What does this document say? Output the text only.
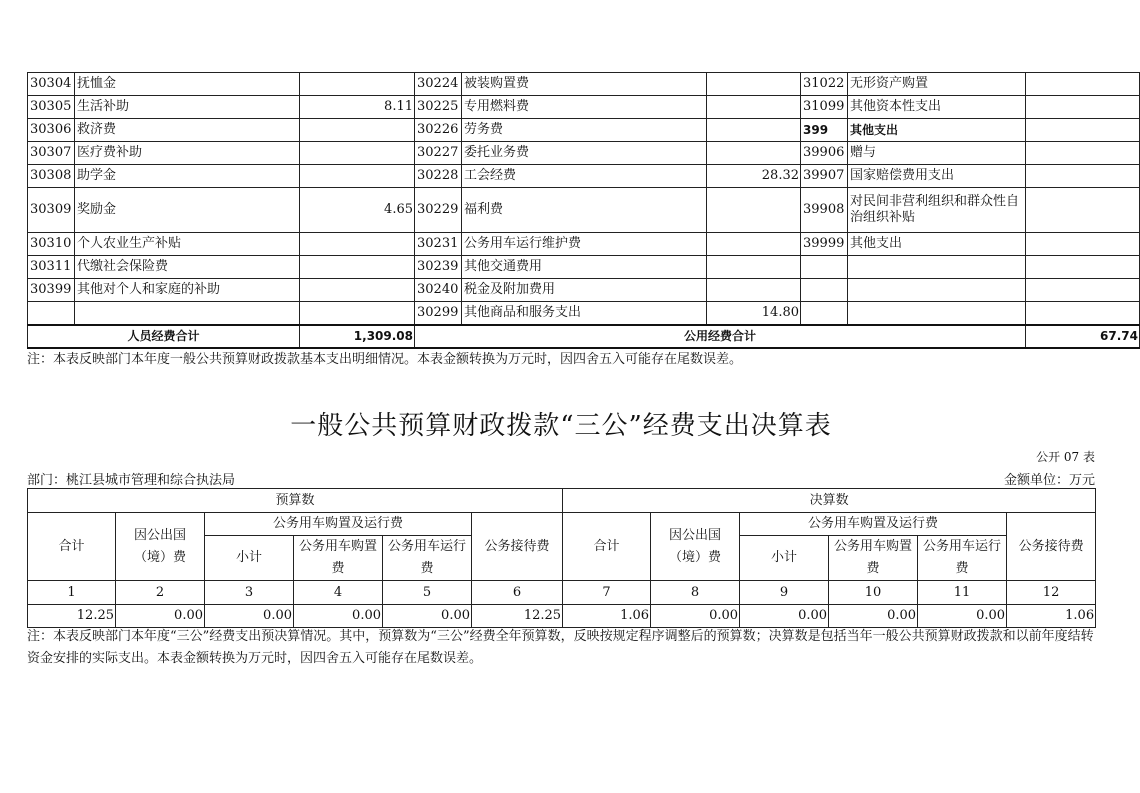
30304	抚恤金		30224	被装购置费		31022	无形资产购置	
30305	生活补助	8.11	30225	专用燃料费		31099	其他资本性支出	
30306	救济费		30226	劳务费		399	其他支出	
30307	医疗费补助		30227	委托业务费		39906	赠与	
30308	助学金		30228	工会经费	28.32	39907	国家赔偿费用支出	
30309	奖励金	4.65	30229	福利费		39908	对民间非营利组织和群众性自治组织补贴	
30310	个人农业生产补贴		30231	公务用车运行维护费		39999	其他支出	
30311	代缴社会保险费		30239	其他交通费用				
30399	其他对个人和家庭的补助		30240	税金及附加费用				
			30299	其他商品和服务支出	14.80			
人员经费合计		1,309.08	公用经费合计					67.74
注：本表反映部门本年度一般公共预算财政拨款基本支出明细情况。本表金额转换为万元时，因四舍五入可能存在尾数误差。
一般公共预算财政拨款“三公”经费支出决算表
公开 07 表
部门：桃江县城市管理和综合执法局	金额单位：万元
预算数						决算数					
合计	因公出国（境）费	公务用车购置及运行费			公务接待费	合计	因公出国（境）费	公务用车购置及运行费			公务接待费
		小计	公务用车购置费	公务用车运行费				小计	公务用车购置费	公务用车运行费	
1	2	3	4	5	6	7	8	9	10	11	12
12.25	0.00	0.00	0.00	0.00	12.25	1.06	0.00	0.00	0.00	0.00	1.06
注：本表反映部门本年度“三公”经费支出预决算情况。其中，预算数为“三公”经费全年预算数，反映按规定程序调整后的预算数；决算数是包括当年一般公共预算财政拨款和以前年度结转资金安排的实际支出。本表金额转换为万元时，因四舍五入可能存在尾数误差。
